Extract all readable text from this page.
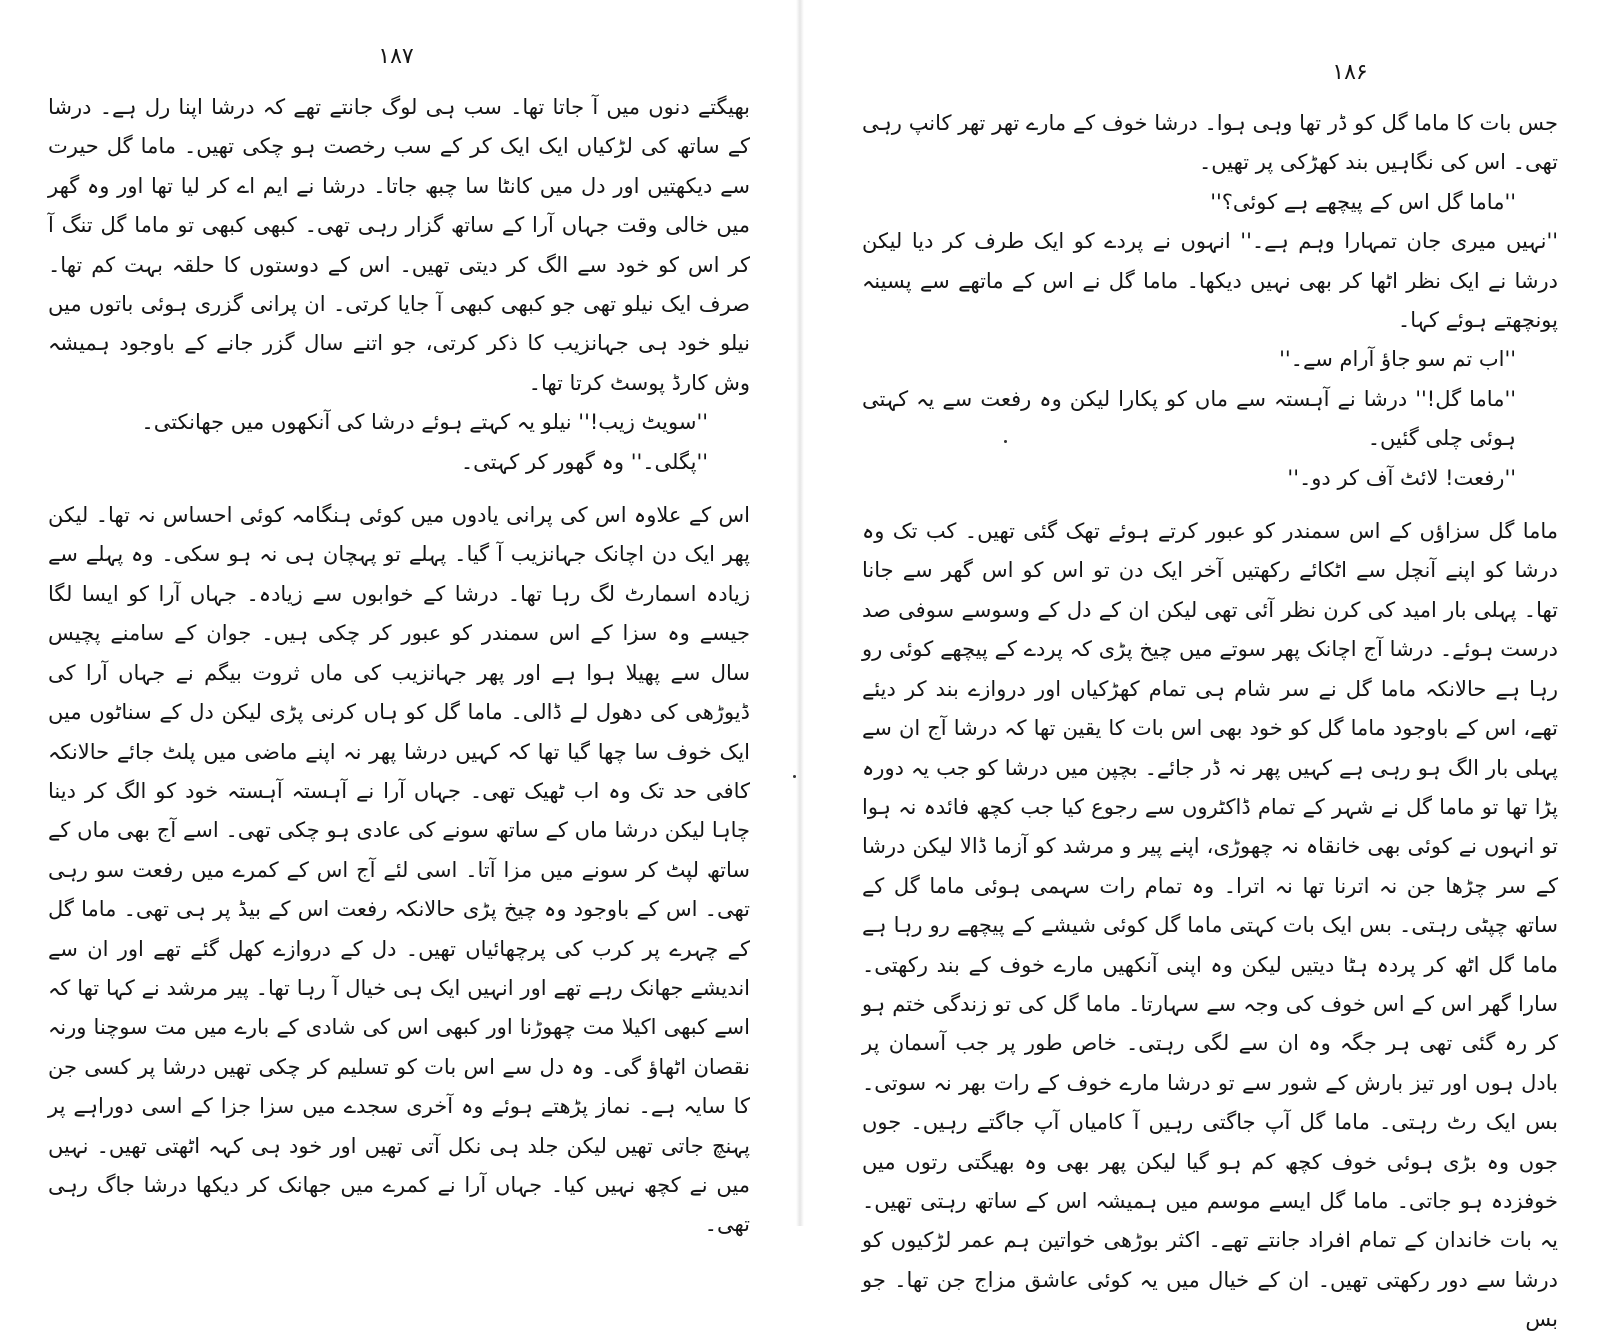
۱۸۷

بھیگتے دنوں میں آ جاتا تھا۔ سب ہی لوگ جانتے تھے کہ درشا اپنا رل ہے۔ درشا کے ساتھ کی لڑکیاں ایک ایک کر کے سب رخصت ہو چکی تھیں۔ ماما گل حیرت سے دیکھتیں اور دل میں کانٹا سا چبھ جاتا۔ درشا نے ایم اے کر لیا تھا اور وہ گھر میں خالی وقت جہاں آرا کے ساتھ گزار رہی تھی۔ کبھی کبھی تو ماما گل تنگ آ کر اس کو خود سے الگ کر دیتی تھیں۔ اس کے دوستوں کا حلقہ بہت کم تھا۔ صرف ایک نیلو تھی جو کبھی کبھی آ جایا کرتی۔ ان پرانی گزری ہوئی باتوں میں نیلو خود ہی جہانزیب کا ذکر کرتی، جو اتنے سال گزر جانے کے باوجود ہمیشہ وش کارڈ پوسٹ کرتا تھا۔

''سویٹ زیب!'' نیلو یہ کہتے ہوئے درشا کی آنکھوں میں جھانکتی۔

''پگلی۔'' وہ گھور کر کہتی۔

اس کے علاوہ اس کی پرانی یادوں میں کوئی ہنگامہ کوئی احساس نہ تھا۔ لیکن پھر ایک دن اچانک جہانزیب آ گیا۔ پہلے تو پہچان ہی نہ ہو سکی۔ وہ پہلے سے زیادہ اسمارٹ لگ رہا تھا۔ درشا کے خوابوں سے زیادہ۔ جہاں آرا کو ایسا لگا جیسے وہ سزا کے اس سمندر کو عبور کر چکی ہیں۔ جوان کے سامنے پچیس سال سے پھیلا ہوا ہے اور پھر جہانزیب کی ماں ثروت بیگم نے جہاں آرا کی ڈیوڑھی کی دھول لے ڈالی۔ ماما گل کو ہاں کرنی پڑی لیکن دل کے سناٹوں میں ایک خوف سا چھا گیا تھا کہ کہیں درشا پھر نہ اپنے ماضی میں پلٹ جائے حالانکہ کافی حد تک وہ اب ٹھیک تھی۔ جہاں آرا نے آہستہ آہستہ خود کو الگ کر دینا چاہا لیکن درشا ماں کے ساتھ سونے کی عادی ہو چکی تھی۔ اسے آج بھی ماں کے ساتھ لپٹ کر سونے میں مزا آتا۔ اسی لئے آج اس کے کمرے میں رفعت سو رہی تھی۔ اس کے باوجود وہ چیخ پڑی حالانکہ رفعت اس کے بیڈ پر ہی تھی۔ ماما گل کے چہرے پر کرب کی پرچھائیاں تھیں۔ دل کے دروازے کھل گئے تھے اور ان سے اندیشے جھانک رہے تھے اور انہیں ایک ہی خیال آ رہا تھا۔ پیر مرشد نے کہا تھا کہ اسے کبھی اکیلا مت چھوڑنا اور کبھی اس کی شادی کے بارے میں مت سوچنا ورنہ نقصان اٹھاؤ گی۔ وہ دل سے اس بات کو تسلیم کر چکی تھیں درشا پر کسی جن کا سایہ ہے۔ نماز پڑھتے ہوئے وہ آخری سجدے میں سزا جزا کے اسی دوراہے پر پہنچ جاتی تھیں لیکن جلد ہی نکل آتی تھیں اور خود ہی کہہ اٹھتی تھیں۔ نہیں میں نے کچھ نہیں کیا۔ جہاں آرا نے کمرے میں جھانک کر دیکھا درشا جاگ رہی تھی۔

۱۸۶

جس بات کا ماما گل کو ڈر تھا وہی ہوا۔ درشا خوف کے مارے تھر تھر کانپ رہی تھی۔ اس کی نگاہیں بند کھڑکی پر تھیں۔

''ماما گل اس کے پیچھے ہے کوئی؟''

''نہیں میری جان تمہارا وہم ہے۔'' انہوں نے پردے کو ایک طرف کر دیا لیکن درشا نے ایک نظر اٹھا کر بھی نہیں دیکھا۔ ماما گل نے اس کے ماتھے سے پسینہ پونچھتے ہوئے کہا۔

''اب تم سو جاؤ آرام سے۔''

''ماما گل!'' درشا نے آہستہ سے ماں کو پکارا لیکن وہ رفعت سے یہ کہتی ہوئی چلی گئیں۔

''رفعت! لائٹ آف کر دو۔''

ماما گل سزاؤں کے اس سمندر کو عبور کرتے ہوئے تھک گئی تھیں۔ کب تک وہ درشا کو اپنے آنچل سے اٹکائے رکھتیں آخر ایک دن تو اس کو اس گھر سے جانا تھا۔ پہلی بار امید کی کرن نظر آئی تھی لیکن ان کے دل کے وسوسے سوفی صد درست ہوئے۔ درشا آج اچانک پھر سوتے میں چیخ پڑی کہ پردے کے پیچھے کوئی رو رہا ہے حالانکہ ماما گل نے سر شام ہی تمام کھڑکیاں اور دروازے بند کر دیئے تھے، اس کے باوجود ماما گل کو خود بھی اس بات کا یقین تھا کہ درشا آج ان سے پہلی بار الگ ہو رہی ہے کہیں پھر نہ ڈر جائے۔ بچپن میں درشا کو جب یہ دورہ پڑا تھا تو ماما گل نے شہر کے تمام ڈاکٹروں سے رجوع کیا جب کچھ فائدہ نہ ہوا تو انہوں نے کوئی بھی خانقاہ نہ چھوڑی، اپنے پیر و مرشد کو آزما ڈالا لیکن درشا کے سر چڑھا جن نہ اترنا تھا نہ اترا۔ وہ تمام رات سہمی ہوئی ماما گل کے ساتھ چپٹی رہتی۔ بس ایک بات کہتی ماما گل کوئی شیشے کے پیچھے رو رہا ہے ماما گل اٹھ کر پردہ ہٹا دیتیں لیکن وہ اپنی آنکھیں مارے خوف کے بند رکھتی۔ سارا گھر اس کے اس خوف کی وجہ سے سہارتا۔ ماما گل کی تو زندگی ختم ہو کر رہ گئی تھی ہر جگہ وہ ان سے لگی رہتی۔ خاص طور پر جب آسمان پر بادل ہوں اور تیز بارش کے شور سے تو درشا مارے خوف کے رات بھر نہ سوتی۔ بس ایک رٹ رہتی۔ ماما گل آپ جاگتی رہیں آ کامیاں آپ جاگتے رہیں۔ جوں جوں وہ بڑی ہوئی خوف کچھ کم ہو گیا لیکن پھر بھی وہ بھیگتی رتوں میں خوفزدہ ہو جاتی۔ ماما گل ایسے موسم میں ہمیشہ اس کے ساتھ رہتی تھیں۔ یہ بات خاندان کے تمام افراد جانتے تھے۔ اکثر بوڑھی خواتین ہم عمر لڑکیوں کو درشا سے دور رکھتی تھیں۔ ان کے خیال میں یہ کوئی عاشق مزاج جن تھا۔ جو بس
